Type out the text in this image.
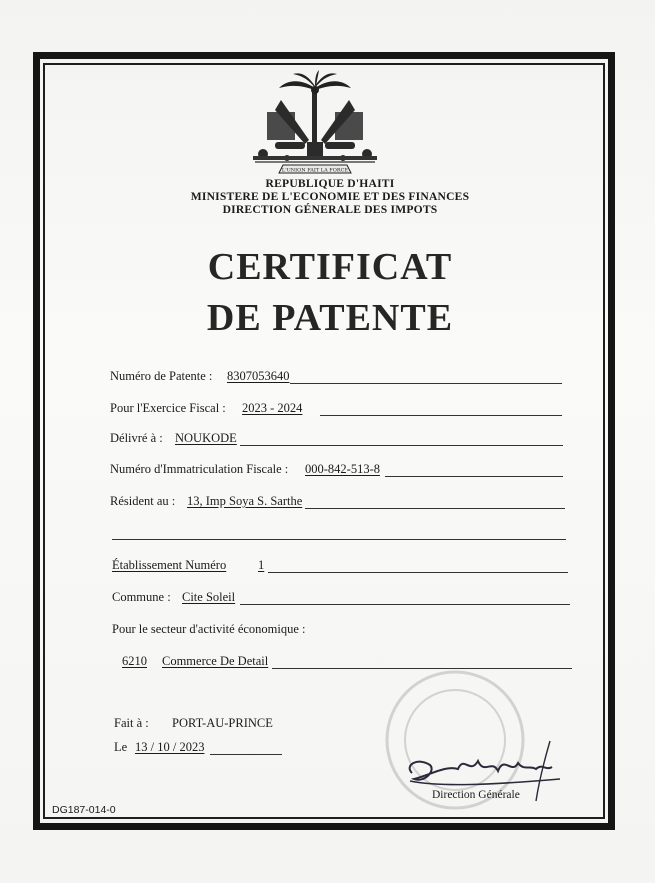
L'UNION FAIT LA FORCE
REPUBLIQUE D'HAITI
MINISTERE DE L'ECONOMIE ET DES FINANCES
DIRECTION GÉNERALE DES IMPOTS
CERTIFICAT
DE PATENTE
Numéro de Patente : 8307053640
Pour l'Exercice Fiscal : 2023 - 2024
Délivré à : NOUKODE
Numéro d'Immatriculation Fiscale : 000-842-513-8
Résident au : 13, Imp Soya S. Sarthe
Établissement Numéro	1
Commune : Cite Soleil
Pour le secteur d'activité économique :
6210 Commerce De Detail
Fait à : PORT-AU-PRINCE
Le 13 / 10 / 2023
Direction Générale
DG187-014-0
